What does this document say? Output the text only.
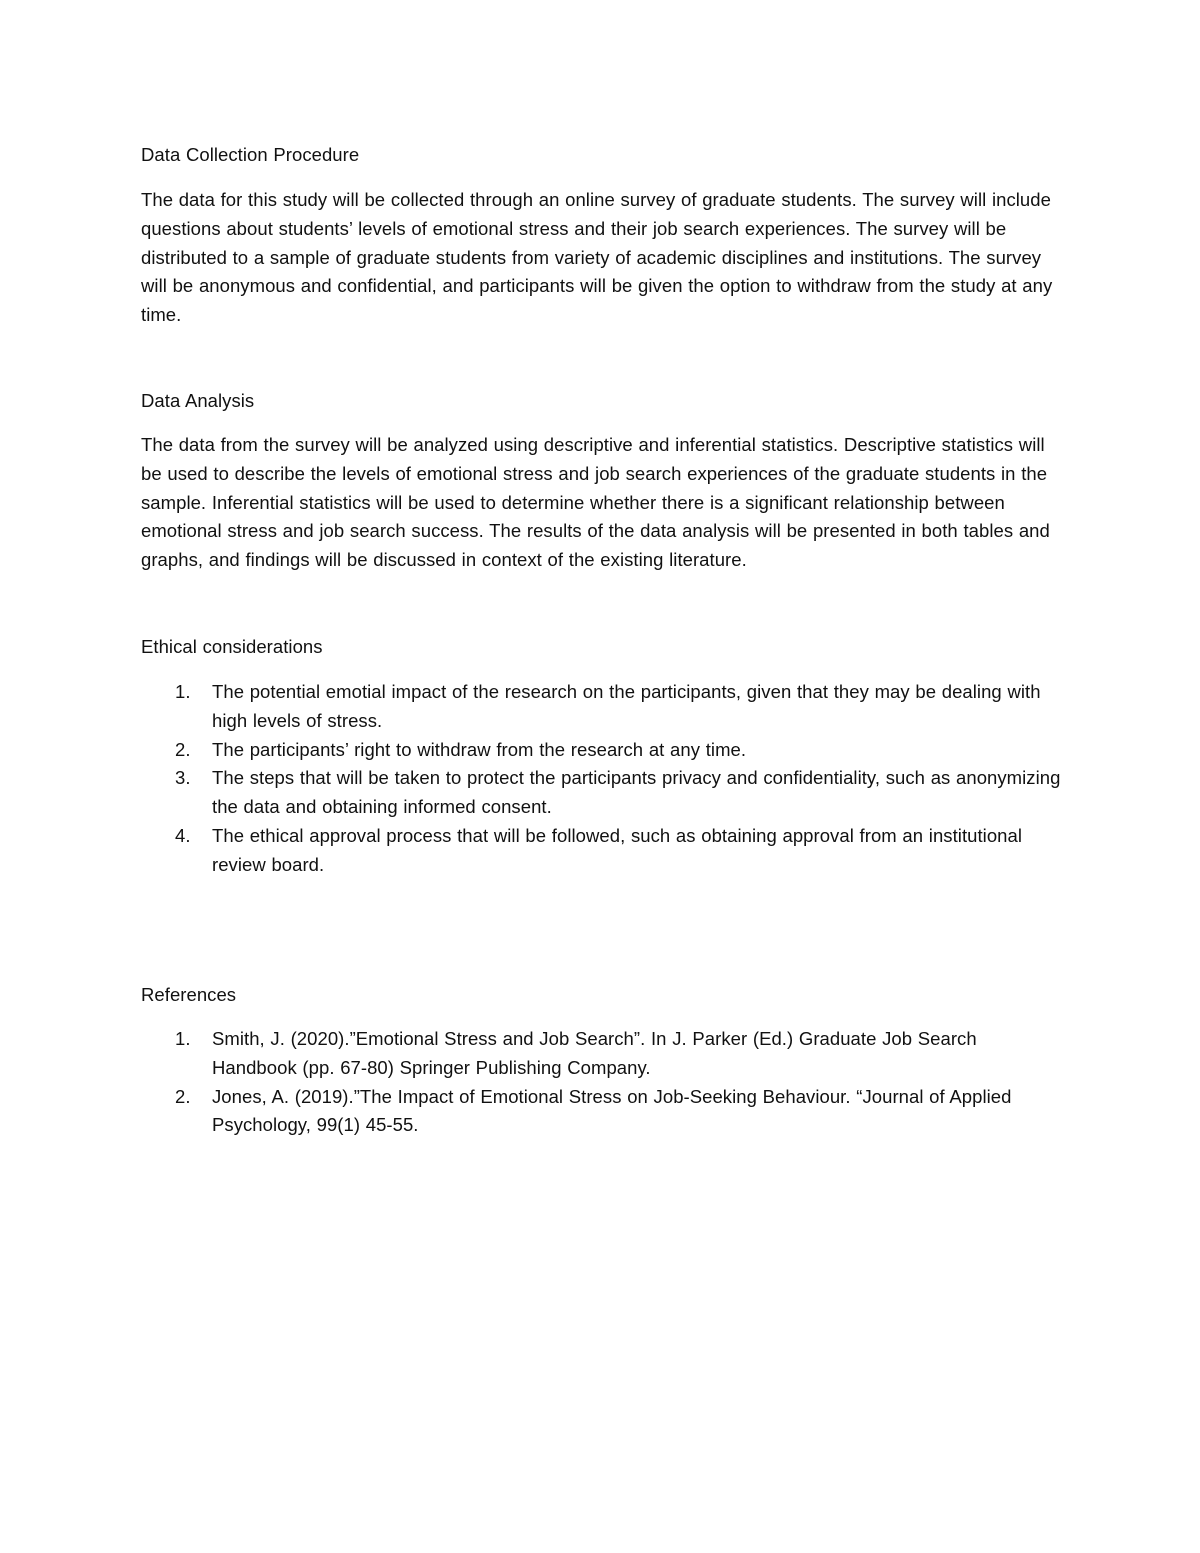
Data Collection Procedure

The data for this study will be collected through an online survey of graduate students. The survey will include questions about students’ levels of emotional stress and their job search experiences. The survey will be distributed to a sample of graduate students from variety of academic disciplines and institutions. The survey will be anonymous and confidential, and participants will be given the option to withdraw from the study at any time.

Data Analysis

The data from the survey will be analyzed using descriptive and inferential statistics. Descriptive statistics will be used to describe the levels of emotional stress and job search experiences of the graduate students in the sample. Inferential statistics will be used to determine whether there is a significant relationship between emotional stress and job search success. The results of the data analysis will be presented in both tables and graphs, and findings will be discussed in context of the existing literature.

Ethical considerations

1. The potential emotial impact of the research on the participants, given that they may be dealing with high levels of stress.
2. The participants’ right to withdraw from the research at any time.
3. The steps that will be taken to protect the participants privacy and confidentiality, such as anonymizing the data and obtaining informed consent.
4. The ethical approval process that will be followed, such as obtaining approval from an institutional review board.

References

1. Smith, J. (2020).”Emotional Stress and Job Search”. In J. Parker (Ed.) Graduate Job Search Handbook (pp. 67-80) Springer Publishing Company.
2. Jones, A. (2019).”The Impact of Emotional Stress on Job-Seeking Behaviour. “Journal of Applied Psychology, 99(1) 45-55.
